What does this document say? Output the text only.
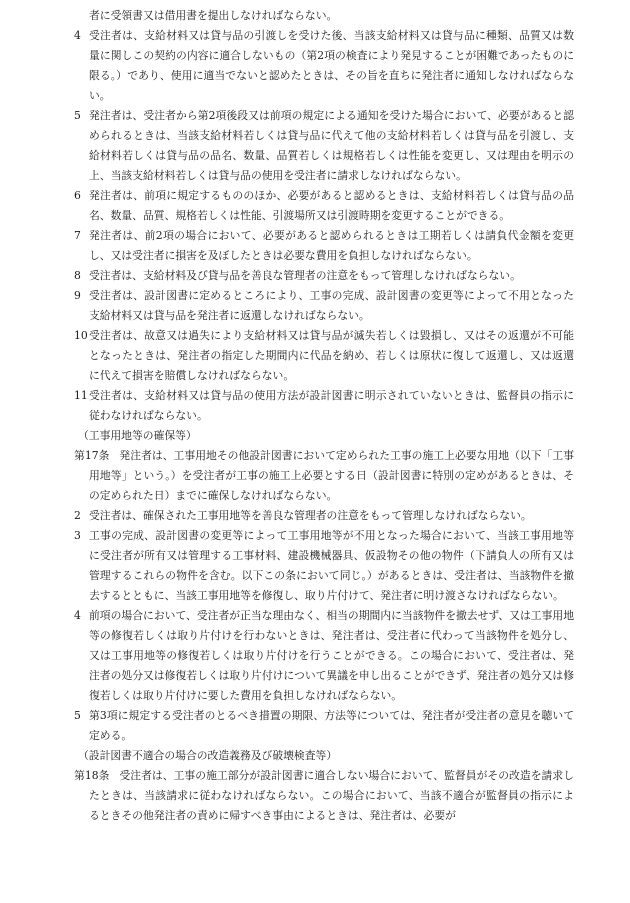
者に受領書又は借用書を提出しなければならない。
4 受注者は、支給材料又は貸与品の引渡しを受けた後、当該支給材料又は貸与品に種類、品質又は数量に関しこの契約の内容に適合しないもの（第2項の検査により発見することが困難であったものに限る。）であり、使用に適当でないと認めたときは、その旨を直ちに発注者に通知しなければならない。
5 発注者は、受注者から第2項後段又は前項の規定による通知を受けた場合において、必要があると認められるときは、当該支給材料若しくは貸与品に代えて他の支給材料若しくは貸与品を引渡し、支給材料若しくは貸与品の品名、数量、品質若しくは規格若しくは性能を変更し、又は理由を明示の上、当該支給材料若しくは貸与品の使用を受注者に請求しなければならない。
6 発注者は、前項に規定するもののほか、必要があると認めるときは、支給材料若しくは貸与品の品名、数量、品質、規格若しくは性能、引渡場所又は引渡時期を変更することができる。
7 発注者は、前2項の場合において、必要があると認められるときは工期若しくは請負代金額を変更し、又は受注者に損害を及ぼしたときは必要な費用を負担しなければならない。
8 受注者は、支給材料及び貸与品を善良な管理者の注意をもって管理しなければならない。
9 受注者は、設計図書に定めるところにより、工事の完成、設計図書の変更等によって不用となった支給材料又は貸与品を発注者に返還しなければならない。
10 受注者は、故意又は過失により支給材料又は貸与品が滅失若しくは毀損し、又はその返還が不可能となったときは、発注者の指定した期間内に代品を納め、若しくは原状に復して返還し、又は返還に代えて損害を賠償しなければならない。
11 受注者は、支給材料又は貸与品の使用方法が設計図書に明示されていないときは、監督員の指示に従わなければならない。
（工事用地等の確保等）
第17条 発注者は、工事用地その他設計図書において定められた工事の施工上必要な用地（以下「工事用地等」という。）を受注者が工事の施工上必要とする日（設計図書に特別の定めがあるときは、その定められた日）までに確保しなければならない。
2 受注者は、確保された工事用地等を善良な管理者の注意をもって管理しなければならない。
3 工事の完成、設計図書の変更等によって工事用地等が不用となった場合において、当該工事用地等に受注者が所有又は管理する工事材料、建設機械器具、仮設物その他の物件（下請負人の所有又は管理するこれらの物件を含む。以下この条において同じ。）があるときは、受注者は、当該物件を撤去するとともに、当該工事用地等を修復し、取り片付けて、発注者に明け渡さなければならない。
4 前項の場合において、受注者が正当な理由なく、相当の期間内に当該物件を撤去せず、又は工事用地等の修復若しくは取り片付けを行わないときは、発注者は、受注者に代わって当該物件を処分し、又は工事用地等の修復若しくは取り片付けを行うことができる。この場合において、受注者は、発注者の処分又は修復若しくは取り片付けについて異議を申し出ることができず、発注者の処分又は修復若しくは取り片付けに要した費用を負担しなければならない。
5 第3項に規定する受注者のとるべき措置の期限、方法等については、発注者が受注者の意見を聴いて定める。
（設計図書不適合の場合の改造義務及び破壊検査等）
第18条 受注者は、工事の施工部分が設計図書に適合しない場合において、監督員がその改造を請求したときは、当該請求に従わなければならない。この場合において、当該不適合が監督員の指示によるときその他発注者の責めに帰すべき事由によるときは、発注者は、必要が
